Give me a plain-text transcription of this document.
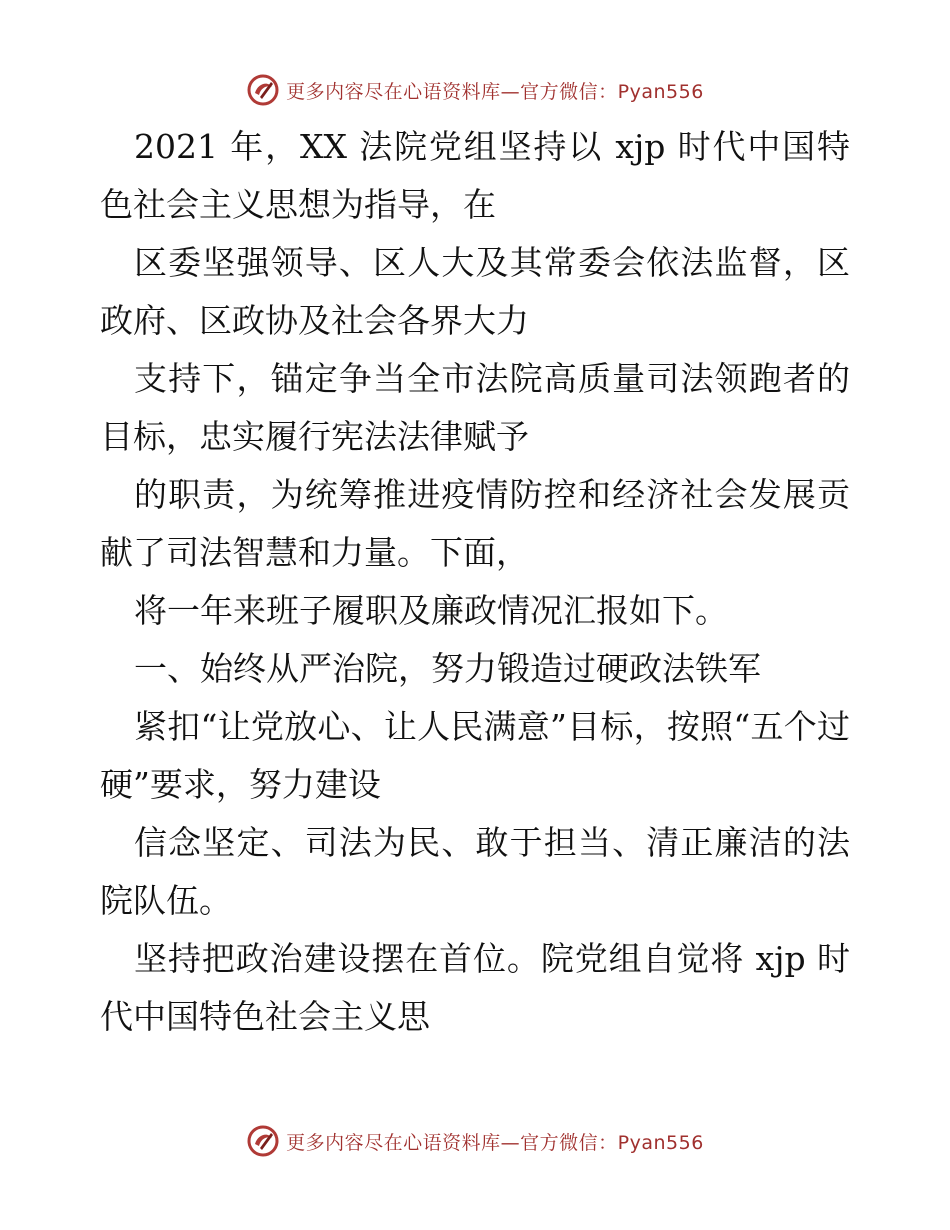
更多内容尽在心语资料库—官方微信：Pyan556

2021 年，XX 法院党组坚持以 xjp 时代中国特色社会主义思想为指导，在

区委坚强领导、区人大及其常委会依法监督，区政府、区政协及社会各界大力

支持下，锚定争当全市法院高质量司法领跑者的目标，忠实履行宪法法律赋予

的职责，为统筹推进疫情防控和经济社会发展贡献了司法智慧和力量。下面，

将一年来班子履职及廉政情况汇报如下。

一、始终从严治院，努力锻造过硬政法铁军

紧扣“让党放心、让人民满意”目标，按照“五个过硬”要求，努力建设

信念坚定、司法为民、敢于担当、清正廉洁的法院队伍。

坚持把政治建设摆在首位。院党组自觉将 xjp 时代中国特色社会主义思

更多内容尽在心语资料库—官方微信：Pyan556
